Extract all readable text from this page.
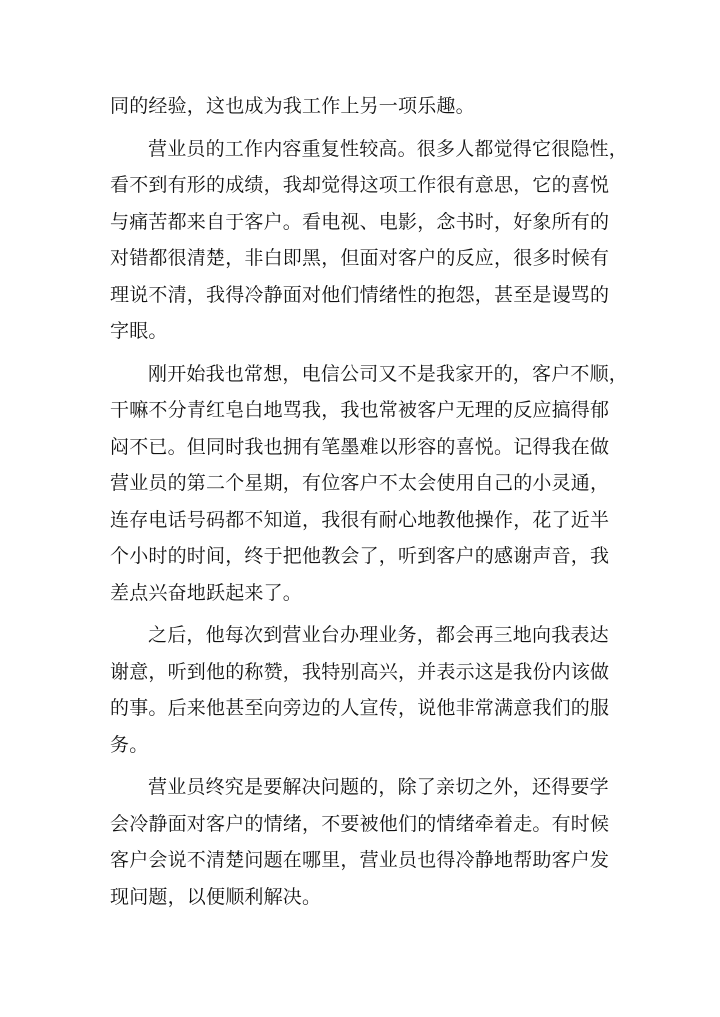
同的经验，这也成为我工作上另一项乐趣。

营业员的工作内容重复性较高。很多人都觉得它很隐性，
看不到有形的成绩，我却觉得这项工作很有意思，它的喜悦
与痛苦都来自于客户。看电视、电影，念书时，好象所有的
对错都很清楚，非白即黑，但面对客户的反应，很多时候有
理说不清，我得冷静面对他们情绪性的抱怨，甚至是谩骂的
字眼。

刚开始我也常想，电信公司又不是我家开的，客户不顺，
干嘛不分青红皂白地骂我，我也常被客户无理的反应搞得郁
闷不已。但同时我也拥有笔墨难以形容的喜悦。记得我在做
营业员的第二个星期，有位客户不太会使用自己的小灵通，
连存电话号码都不知道，我很有耐心地教他操作，花了近半
个小时的时间，终于把他教会了，听到客户的感谢声音，我
差点兴奋地跃起来了。

之后，他每次到营业台办理业务，都会再三地向我表达
谢意，听到他的称赞，我特别高兴，并表示这是我份内该做
的事。后来他甚至向旁边的人宣传，说他非常满意我们的服
务。

营业员终究是要解决问题的，除了亲切之外，还得要学
会冷静面对客户的情绪，不要被他们的情绪牵着走。有时候
客户会说不清楚问题在哪里，营业员也得冷静地帮助客户发
现问题，以便顺利解决。
